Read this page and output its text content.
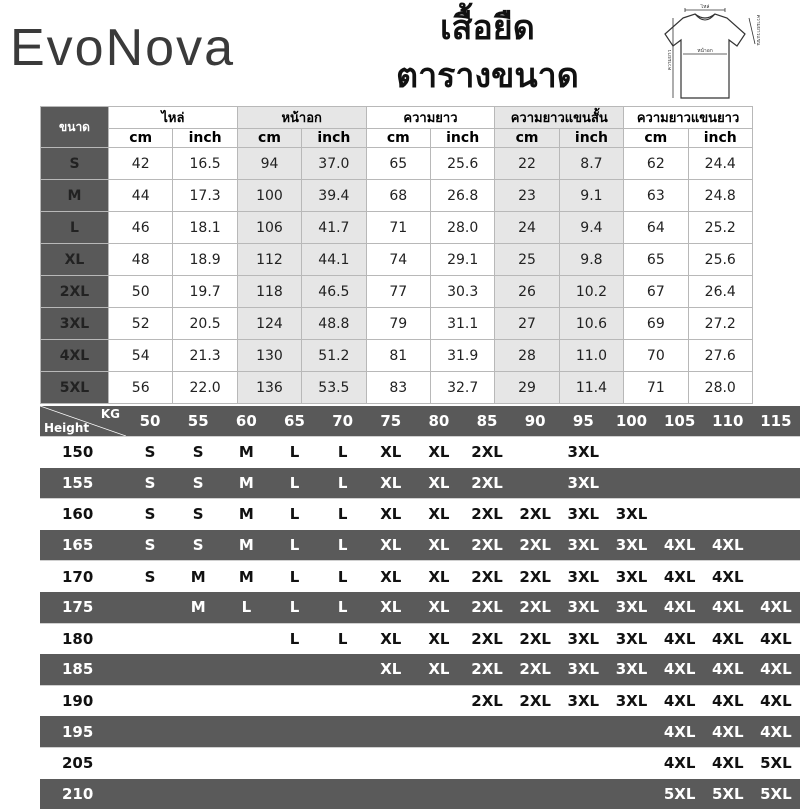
EvoNova	เสื้อยืด
ตารางขนาด
ไหล่
หน้าอก
ความยาว
ความยาวแขน
ขนาด	ไหล่		หน้าอก		ความยาว		ความยาวแขนสั้น		ความยาวแขนยาว	
	cm	inch	cm	inch	cm	inch	cm	inch	cm	inch
S	42	16.5	94	37.0	65	25.6	22	8.7	62	24.4
M	44	17.3	100	39.4	68	26.8	23	9.1	63	24.8
L	46	18.1	106	41.7	71	28.0	24	9.4	64	25.2
XL	48	18.9	112	44.1	74	29.1	25	9.8	65	25.6
2XL	50	19.7	118	46.5	77	30.3	26	10.2	67	26.4
3XL	52	20.5	124	48.8	79	31.1	27	10.6	69	27.2
4XL	54	21.3	130	51.2	81	31.9	28	11.0	70	27.6
5XL	56	22.0	136	53.5	83	32.7	29	11.4	71	28.0
KG
Height	50	55	60	65	70	75	80	85	90	95	100	105	110	115
150	S	S	M	L	L	XL	XL	2XL		3XL				
155	S	S	M	L	L	XL	XL	2XL		3XL				
160	S	S	M	L	L	XL	XL	2XL	2XL	3XL	3XL			
165	S	S	M	L	L	XL	XL	2XL	2XL	3XL	3XL	4XL	4XL	
170	S	M	M	L	L	XL	XL	2XL	2XL	3XL	3XL	4XL	4XL	
175		M	L	L	L	XL	XL	2XL	2XL	3XL	3XL	4XL	4XL	4XL
180				L	L	XL	XL	2XL	2XL	3XL	3XL	4XL	4XL	4XL
185						XL	XL	2XL	2XL	3XL	3XL	4XL	4XL	4XL
190								2XL	2XL	3XL	3XL	4XL	4XL	4XL
195												4XL	4XL	4XL
205												4XL	4XL	5XL
210												5XL	5XL	5XL
